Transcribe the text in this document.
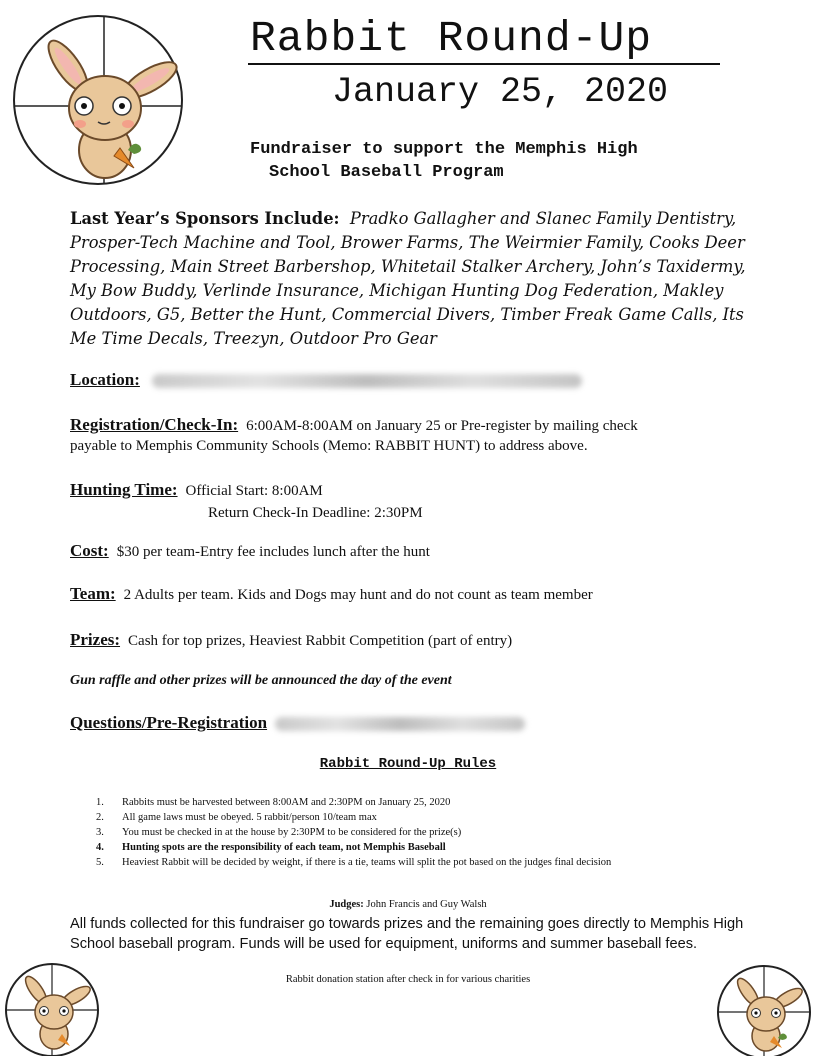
Rabbit Round-Up
January 25, 2020
Fundraiser to support the Memphis High
School Baseball Program
Last Year’s Sponsors Include: Pradko Gallagher and Slanec Family Dentistry, Prosper-Tech Machine and Tool, Brower Farms, The Weirmier Family, Cooks Deer Processing, Main Street Barbershop, Whitetail Stalker Archery, John’s Taxidermy, My Bow Buddy, Verlinde Insurance, Michigan Hunting Dog Federation, Makley Outdoors, G5, Better the Hunt, Commercial Divers, Timber Freak Game Calls, Its Me Time Decals, Treezyn, Outdoor Pro Gear
Location:
Registration/Check-In: 6:00AM-8:00AM on January 25 or Pre-register by mailing check
payable to Memphis Community Schools (Memo: RABBIT HUNT) to address above.
Hunting Time: Official Start: 8:00AM
Return Check-In Deadline: 2:30PM
Cost: $30 per team-Entry fee includes lunch after the hunt
Team: 2 Adults per team. Kids and Dogs may hunt and do not count as team member
Prizes: Cash for top prizes, Heaviest Rabbit Competition (part of entry)
Gun raffle and other prizes will be announced the day of the event
Questions/Pre-Registration
Rabbit Round-Up Rules
1.	Rabbits must be harvested between 8:00AM and 2:30PM on January 25, 2020
2.	All game laws must be obeyed. 5 rabbit/person 10/team max
3.	You must be checked in at the house by 2:30PM to be considered for the prize(s)
4.	Hunting spots are the responsibility of each team, not Memphis Baseball
5.	Heaviest Rabbit will be decided by weight, if there is a tie, teams will split the pot based on the judges final decision
Judges: John Francis and Guy Walsh
All funds collected for this fundraiser go towards prizes and the remaining goes directly to Memphis High School baseball program. Funds will be used for equipment, uniforms and summer baseball fees.
Rabbit donation station after check in for various charities
